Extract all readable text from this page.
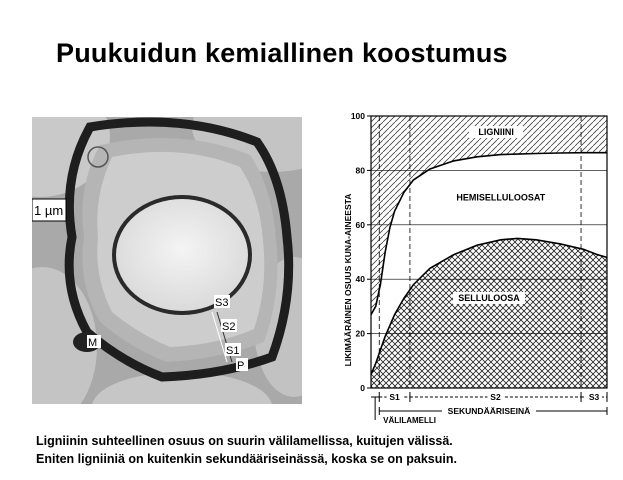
Puukuidun kemiallinen koostumus
1 µm
S3
S2
S1
P
M
0
20
40
60
80
100
LIGNIINI
HEMISELLULOOSAT
SELLULOOSA
S1	S2	S3
SEKUNDÄÄRISEINÄ
VÄLILAMELLI
LIKIMÄÄRÄINEN OSUUS KUNA-AINEESTA
Ligniinin suhteellinen osuus on suurin välilamellissa, kuitujen välissä.
Eniten ligniiniä on kuitenkin sekundääriseinässä, koska se on paksuin.
